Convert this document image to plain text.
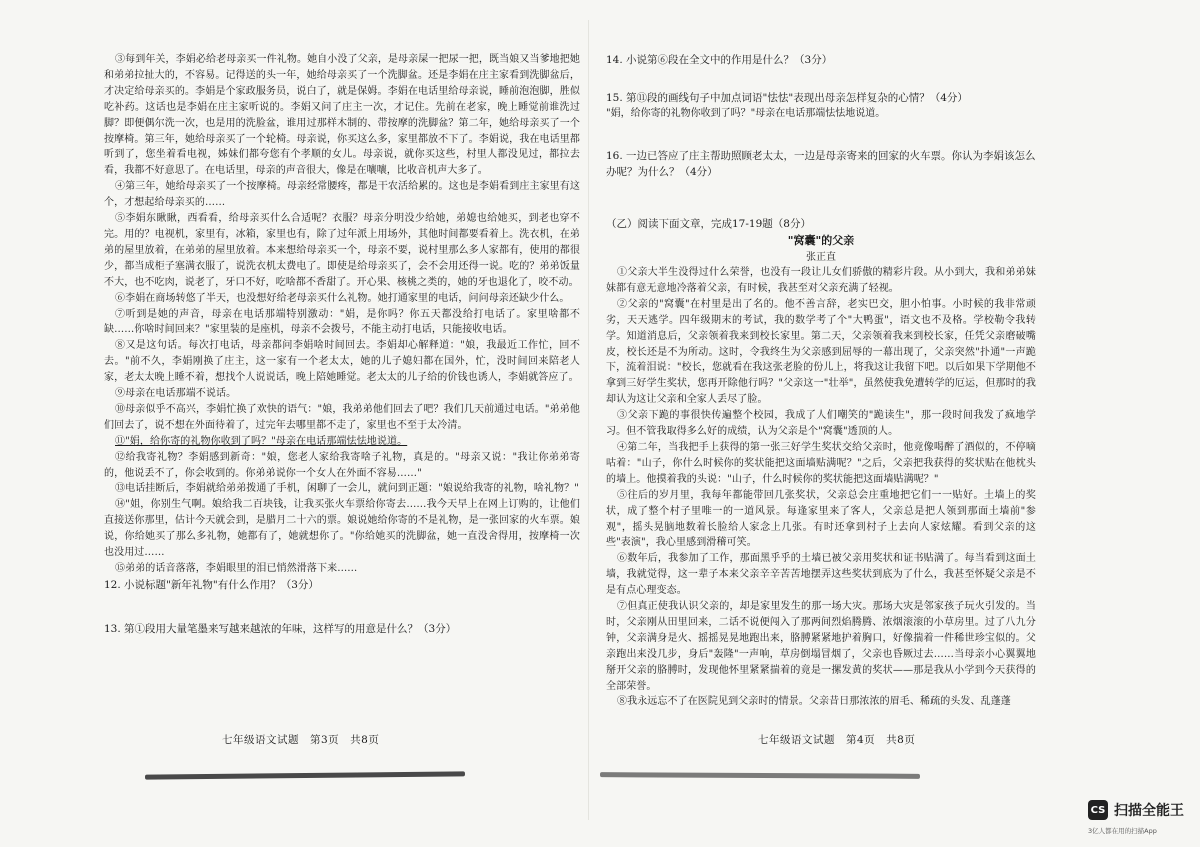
③每到年关，李娟必给老母亲买一件礼物。她自小没了父亲，是母亲屎一把尿一把，既当娘又当爹地把她和弟弟拉扯大的，不容易。记得送的头一年，她给母亲买了一个洗脚盆。还是李娟在庄主家看到洗脚盆后，才决定给母亲买的。李娟是个家政服务员，说白了，就是保姆。李娟在电话里给母亲说，睡前泡泡脚，胜似吃补药。这话也是李娟在庄主家听说的。李娟又问了庄主一次，才记住。先前在老家，晚上睡觉前谁洗过脚？即便偶尔洗一次，也是用的洗脸盆，谁用过那样木制的、带按摩的洗脚盆？第二年，她给母亲买了一个按摩椅。第三年，她给母亲买了一个轮椅。母亲说，你买这么多，家里都放不下了。李娟说，我在电话里都听到了，您坐着看电视，姊妹们都夸您有个孝顺的女儿。母亲说，就你买这些，村里人都没见过，都拉去看，我都不好意思了。在电话里，母亲的声音很大，像是在嚷嚷，比收音机声大多了。

④第三年，她给母亲买了一个按摩椅。母亲经常腰疼，都是干农活给累的。这也是李娟看到庄主家里有这个，才想起给母亲买的……

⑤李娟东瞅瞅，西看看，给母亲买什么合适呢？衣服？母亲分明没少给她，弟媳也给她买，到老也穿不完。用的？电视机，家里有，冰箱，家里也有，除了过年派上用场外，其他时间都要看着上。洗衣机，在弟弟的屋里放着，在弟弟的屋里放着。本来想给母亲买一个，母亲不要，说村里那么多人家都有，使用的都很少，都当成柜子塞满衣服了，说洗衣机太费电了。即使是给母亲买了，会不会用还得一说。吃的？弟弟饭量不大，也不吃肉，说老了，牙口不好，吃啥都不香甜了。开心果、核桃之类的，她的牙也退化了，咬不动。

⑥李娟在商场转悠了半天，也没想好给老母亲买什么礼物。她打通家里的电话，问问母亲还缺少什么。

⑦听到是她的声音，母亲在电话那端特别激动："娟，是你吗？你五天都没给打电话了。家里啥都不缺……你啥时间回来？"家里装的是座机，母亲不会拨号，不能主动打电话，只能接收电话。

⑧又是这句话。每次打电话，母亲都问李娟啥时间回去。李娟却心解释道："娘，我最近工作忙，回不去。"前不久，李娟刚换了庄主，这一家有一个老太太，她的儿子媳妇都在国外，忙，没时间回来陪老人家，老太太晚上睡不着，想找个人说说话，晚上陪她睡觉。老太太的儿子给的价钱也诱人，李娟就答应了。

⑨母亲在电话那端不说话。

⑩母亲似乎不高兴，李娟忙换了欢快的语气："娘，我弟弟他们回去了吧？我们几天前通过电话。"弟弟他们回去了，说不想在外面待着了，过完年去哪里都不走了，家里也不至于太冷清。

⑪"娟，给你寄的礼物你收到了吗？"母亲在电话那端怯怯地说道。

⑫给我寄礼物？李娟感到新奇："娘，您老人家给我寄啥子礼物，真是的。"母亲又说："我让你弟弟寄的，他说丢不了，你会收到的。你弟弟说你一个女人在外面不容易……"

⑬电话挂断后，李娟就给弟弟拨通了手机，闲聊了一会儿，就问到正题："娘说给我寄的礼物，啥礼物？"

⑭"姐，你别生气啊。娘给我二百块钱，让我买张火车票给你寄去……我今天早上在网上订购的，让他们直接送你那里，估计今天就会到，是腊月二十六的票。娘说她给你寄的不是礼物，是一张回家的火车票。娘说，你给她买了那么多礼物，她都有了，她就想你了。"你给她买的洗脚盆，她一直没舍得用，按摩椅一次也没用过……

⑮弟弟的话音落落，李娟眼里的泪已悄然滑落下来……

12. 小说标题"新年礼物"有什么作用？（3分）

13. 第①段用大量笔墨来写越来越浓的年味，这样写的用意是什么？（3分）

七年级语文试题　第3页　共8页

14. 小说第⑥段在全文中的作用是什么？（3分）

15. 第⑪段的画线句子中加点词语"怯怯"表现出母亲怎样复杂的心情？（4分）

"娟，给你寄的礼物你收到了吗？"母亲在电话那端怯怯地说道。

16. 一边已答应了庄主帮助照顾老太太，一边是母亲寄来的回家的火车票。你认为李娟该怎么办呢？为什么？（4分）

（乙）阅读下面文章，完成17-19题（8分）

"窝囊"的父亲

张正直

①父亲大半生没得过什么荣誉，也没有一段让儿女们骄傲的精彩片段。从小到大，我和弟弟妹妹都有意无意地冷落着父亲，有时候，我甚至对父亲充满了轻视。

②父亲的"窝囊"在村里是出了名的。他不善言辞，老实巴交，胆小怕事。小时候的我非常顽劣，天天逃学。四年级期末的考试，我的数学考了个"大鸭蛋"，语文也不及格。学校勒令我转学。知道消息后，父亲领着我来到校长家里。第二天，父亲领着我来到校长家，任凭父亲磨破嘴皮，校长还是不为所动。这时，令我终生为父亲感到屈辱的一幕出现了，父亲突然"扑通"一声跪下，流着泪说："校长，您就看在我这张老脸的份儿上，将我这让我留下吧。以后如果下学期他不拿到三好学生奖状，您再开除他行吗？"父亲这一"壮举"，虽然使我免遭转学的厄运，但那时的我却认为这让父亲和全家人丢尽了脸。

③父亲下跪的事很快传遍整个校园，我成了人们嘲笑的"跪读生"，那一段时间我发了疯地学习。但不管我取得多么好的成绩，认为父亲是个"窝囊"透顶的人。

④第二年，当我把手上获得的第一张三好学生奖状交给父亲时，他竟像喝醉了酒似的，不停嘀咕着："山子，你什么时候你的奖状能把这面墙贴满呢？"之后，父亲把我获得的奖状贴在他枕头的墙上。他摸着我的头说："山子，什么时候你的奖状能把这面墙贴满呢？"

⑤往后的岁月里，我每年都能带回几张奖状，父亲总会庄重地把它们一一贴好。土墙上的奖状，成了整个村子里唯一的一道风景。每逢家里来了客人，父亲总是把人领到那面土墙前"参观"，摇头晃脑地数着长脸给人家念上几张。有时还拿到村子上去向人家炫耀。看到父亲的这些"表演"，我心里感到滑稽可笑。

⑥数年后，我参加了工作，那面黑乎乎的土墙已被父亲用奖状和证书贴满了。每当看到这面土墙，我就觉得，这一辈子本来父亲辛辛苦苦地摆弄这些奖状到底为了什么，我甚至怀疑父亲是不是有点心理变态。

⑦但真正使我认识父亲的，却是家里发生的那一场大灾。那场大灾是邻家孩子玩火引发的。当时，父亲刚从田里回来，二话不说便闯入了那两间烈焰腾腾、浓烟滚滚的小草房里。过了八九分钟，父亲满身是火、摇摇晃晃地跑出来，胳膊紧紧地护着胸口，好像揣着一件稀世珍宝似的。父亲跑出来没几步，身后"轰隆"一声响，草房倒塌冒烟了，父亲也昏厥过去……当母亲小心翼翼地掰开父亲的胳膊时，发现他怀里紧紧揣着的竟是一摞发黄的奖状——那是我从小学到今天获得的全部荣誉。

⑧我永远忘不了在医院见到父亲时的情景。父亲昔日那浓浓的眉毛、稀疏的头发、乱蓬蓬

七年级语文试题　第4页　共8页
CS 扫描全能王
3亿人都在用的扫描App
